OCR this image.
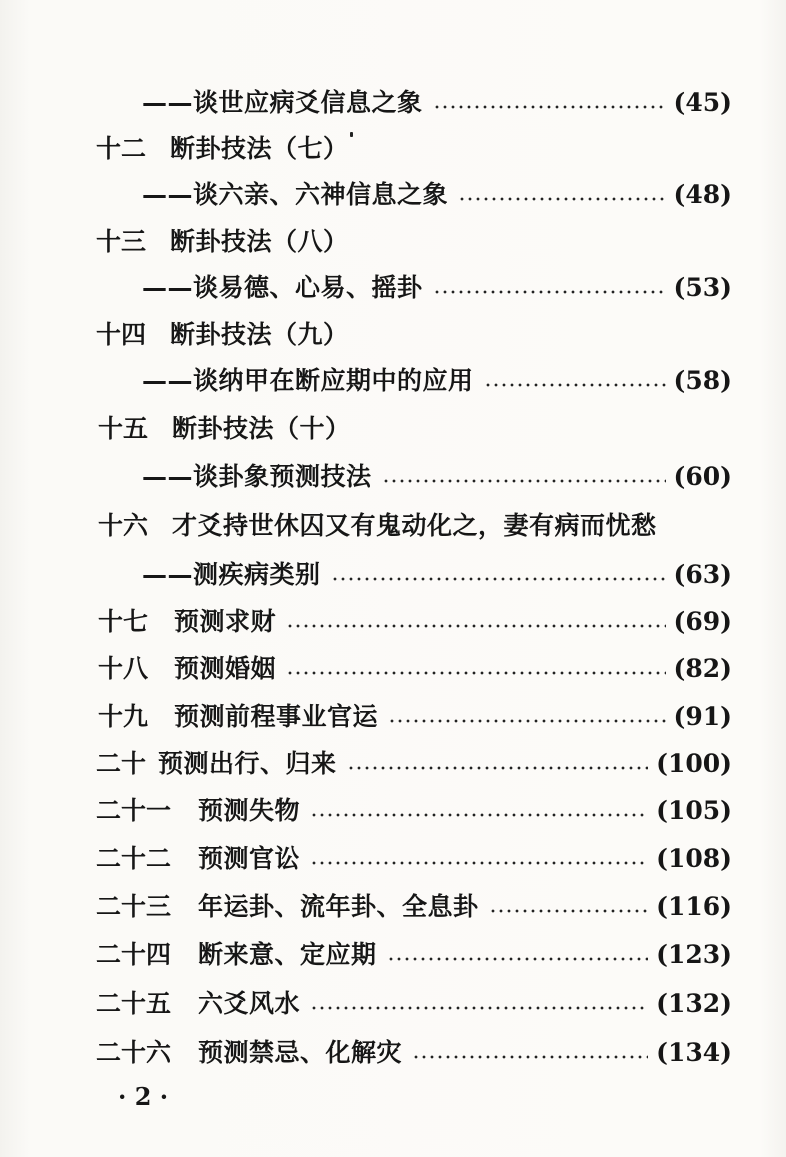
——谈世应病爻信息之象	(45)
十二 断卦技法（七）
——谈六亲、六神信息之象	(48)
十三 断卦技法（八）
——谈易德、心易、摇卦	(53)
十四 断卦技法（九）
——谈纳甲在断应期中的应用	(58)
十五 断卦技法（十）
——谈卦象预测技法	(60)
十六 才爻持世休囚又有鬼动化之，妻有病而忧愁
——测疾病类别	(63)
十七	预测求财	(69)
十八	预测婚姻	(82)
十九	预测前程事业官运	(91)
二十 预测出行、归来	(100)
二十一	预测失物	(105)
二十二	预测官讼	(108)
二十三	年运卦、流年卦、全息卦	(116)
二十四	断来意、定应期	(123)
二十五	六爻风水	(132)
二十六	预测禁忌、化解灾	(134)
· 2 ·
